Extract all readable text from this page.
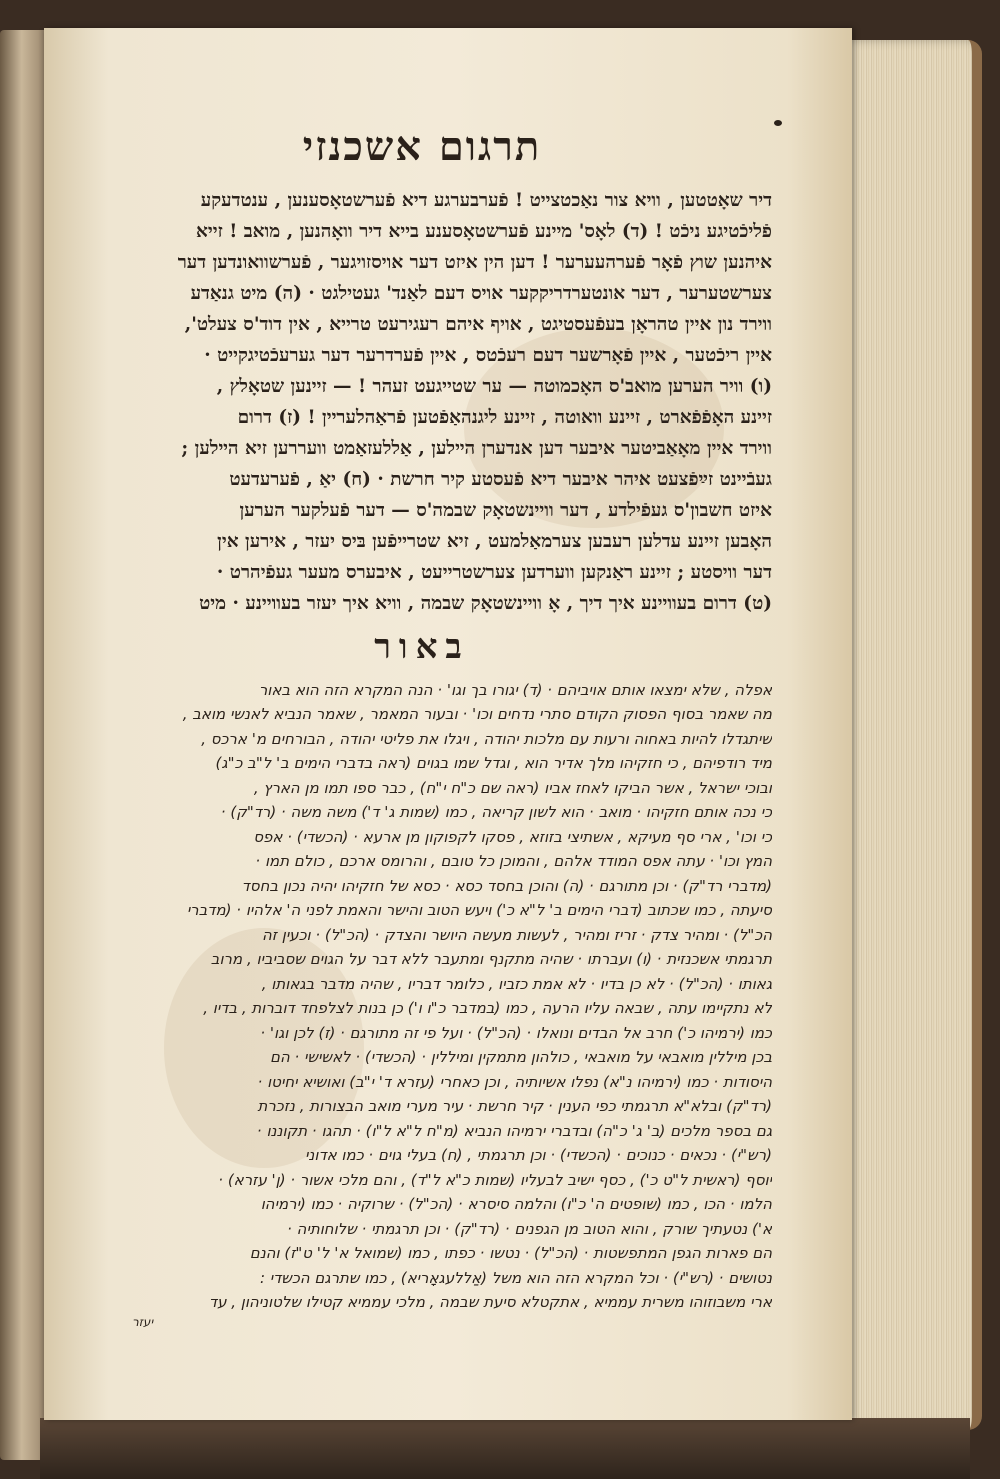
תרגום אשכנזי
דיר שאָטטען , וויא צור נאַכטצייט ! פֿערבערגע דיא פֿערשטאָסענען , ענטדעקע
פֿליכֿטיגע ניכֿט ! (ד) לאָס' מיינע פֿערשטאָסענע בייא דיר וואָהנען , מואב ! זייא
איהנען שוץ פֿאָר פֿערהעערער ! דען הין איזט דער אויסזויגער , פֿערשוואונדען דער
צערשטערער , דער אונטערדריקקער אויס דעם לאַנד' געטילגט · (ה) מיט גנאַדע
ווירד נון איין טהראָן בעפֿעסטיגט , אויף איהם רעגירעט טרייא , אין דוד'ס צעלט',
איין ריכֿטער , איין פֿאָרשער דעם רעכֿטס , איין פֿערדרער דער גערעכֿטיגקייט ·
(ו) וויר הערען מואב'ס האָכמוטה — ער שטייגעט זעהר ! — זיינען שטאָלץ ,
זיינע האָפֿפֿארט , זיינע וואוטה , זיינע ליגנהאַפֿטען פֿראַהלעריין ! (ז) דרום
ווירד איין מאָאַביטער איבער דען אנדערן הײלען , אַללעזאַמט וועררען זיא הײלען ;
געבֿיינט זײַפֿצעט איהר איבער דיא פֿעסטע קיר חרשת · (ח) יאַ , פֿערעדעט
איזט חשבון'ס געפֿילדע , דער וויינשטאָק שבמה'ס — דער פֿעלקער הערען
האָבען זיינע עדלען רעבען צערמאַלמעט , זיא שטרייפֿען בּיס יעזר , אירען אין
דער וויסטע ; זיינע ראַנקען ווערדען צערשטרייעט , איבערס מעער געפֿיהרט ·
(ט) דרום בעוויינע איך דיך , אָ וויינשטאָק שבמה , וויא איך יעזר בעוויינע · מיט
באור
אפלה , שלא ימצאו אותם אויביהם · (ד) יגורו בך וגו' · הנה המקרא הזה הוא באור
מה שאמר בסוף הפסוק הקודם סתרי נדחים וכו' · ובעור המאמר , שאמר הנביא לאנשי מואב ,
שיתגדלו להיות באחוה ורעות עם מלכות יהודה , ויגלו את פליטי יהודה , הבורחים מ' ארכס ,
מיד רודפיהם , כי חזקיהו מלך אדיר הוא , וגדל שמו בגוים (ראה בדברי הימים ב' ל"ב כ"ג)
ובוכי ישראל , אשר הביקו לאחז אביו (ראה שם כ"ח י"ח) , כבר ספו תמו מן הארץ ,
כי נכה אותם חזקיהו · מואב · הוא לשון קריאה , כמו (שמות ג' ד') משה משה · (רד"ק) ·
כי וכו' , ארי סף מעיקא , אשתיצי בזוזא , פסקו לקפוקון מן ארעא · (הכשדי) · אפס
המץ וכו' · עתה אפס המודד אלהם , והמוכן כל טובם , והרומס ארכם , כולם תמו ·
(מדברי רד"ק) · וכן מתורגם · (ה) והוכן בחסד כסא · כסא של חזקיהו יהיה נכון בחסד
סיעתה , כמו שכתוב (דברי הימים ב' ל"א כ') ויעש הטוב והישר והאמת לפני ה' אלהיו · (מדברי
הכ"ל) · ומהיר צדק · זריז ומהיר , לעשות מעשה היושר והצדק · (הכ"ל) · וכעין זה
תרגמתי אשכנזית · (ו) ועברתו · שהיה מתקנף ומתעבר ללא דבר על הגוים שסביביו , מרוב
גאותו · (הכ"ל) · לא כן בדיו · לא אמת כזביו , כלומר דבריו , שהיה מדבר בגאותו ,
לא נתקיימו עתה , שבאה עליו הרעה , כמו (במדבר כ"ו ו') כן בנות לצלפחד דוברות , בדיו ,
כמו (ירמיהו כ') חרב אל הבדים ונואלו · (הכ"ל) · ועל פי זה מתורגם · (ז) לכן וגו' ·
בכן מיללין מואבאי על מואבאי , כולהון מתמקין ומיללין · (הכשדי) · לאשישי · הם
היסודות · כמו (ירמיהו נ"א) נפלו אשיותיה , וכן כאחרי (עזרא ד' י"ב) ואושיא יחיטו ·
(רד"ק) ובלא"א תרגמתי כפי הענין · קיר חרשת · עיר מערי מואב הבצורות , נזכרת
גם בספר מלכים (ב' ג' כ"ה) ובדברי ירמיהו הנביא (מ"ח ל"א ל"ו) · תהגו · תקוננו ·
(רש"י) · נכאים · כנוכים · (הכשדי) · וכן תרגמתי , (ח) בעלי גוים · כמו אדוני
יוסף (ראשית ל"ט כ') , כסף ישיב לבעליו (שמות כ"א ל"ד) , והם מלכי אשור · (ן' עזרא) ·
הלמו · הכו , כמו (שופטים ה' כ"ו) והלמה סיסרא · (הכ"ל) · שרוקיה · כמו (ירמיהו
א') נטעתיך שורק , והוא הטוב מן הגפנים · (רד"ק) · וכן תרגמתי · שלוחותיה ·
הם פארות הגפן המתפשטות · (הכ"ל) · נטשו · כפתו , כמו (שמואל א' ל' ט"ז) והנם
נטושים · (רש"י) · וכל המקרא הזה הוא משל (אַללעגאָריא) , כמו שתרגם הכשדי :
ארי משבוזוהו משרית עממיא , אתקטלא סיעת שבמה , מלכי עממיא קטילו שלטוניהון , עד
יעזר
